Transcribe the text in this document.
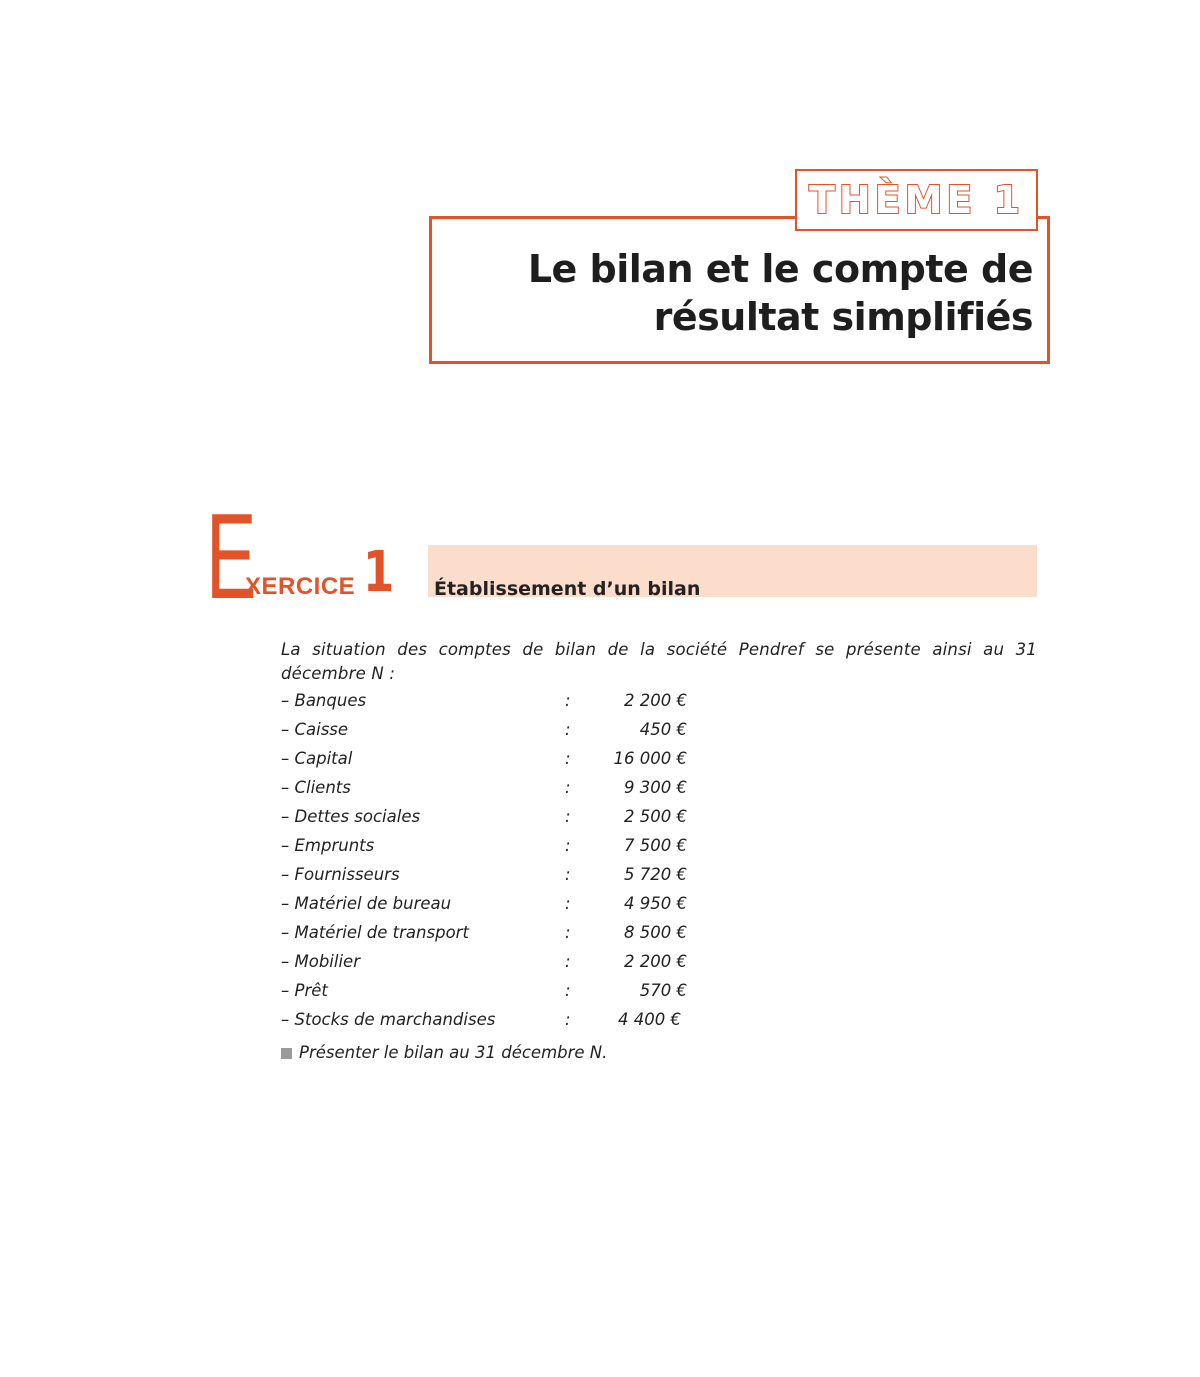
Le bilan et le compte de
résultat simplifiés
THÈME 1
E
XERCICE 1 Établissement d’un bilan
La situation des comptes de bilan de la société Pendref se présente ainsi au 31 décembre N :
– Banques	:	2 200 €
– Caisse	:	450 €
– Capital	:	16 000 €
– Clients	:	9 300 €
– Dettes sociales	:	2 500 €
– Emprunts	:	7 500 €
– Fournisseurs	:	5 720 €
– Matériel de bureau	:	4 950 €
– Matériel de transport	:	8 500 €
– Mobilier	:	2 200 €
– Prêt	:	570 €
– Stocks de marchandises	:	4 400 €
Présenter le bilan au 31 décembre N.
